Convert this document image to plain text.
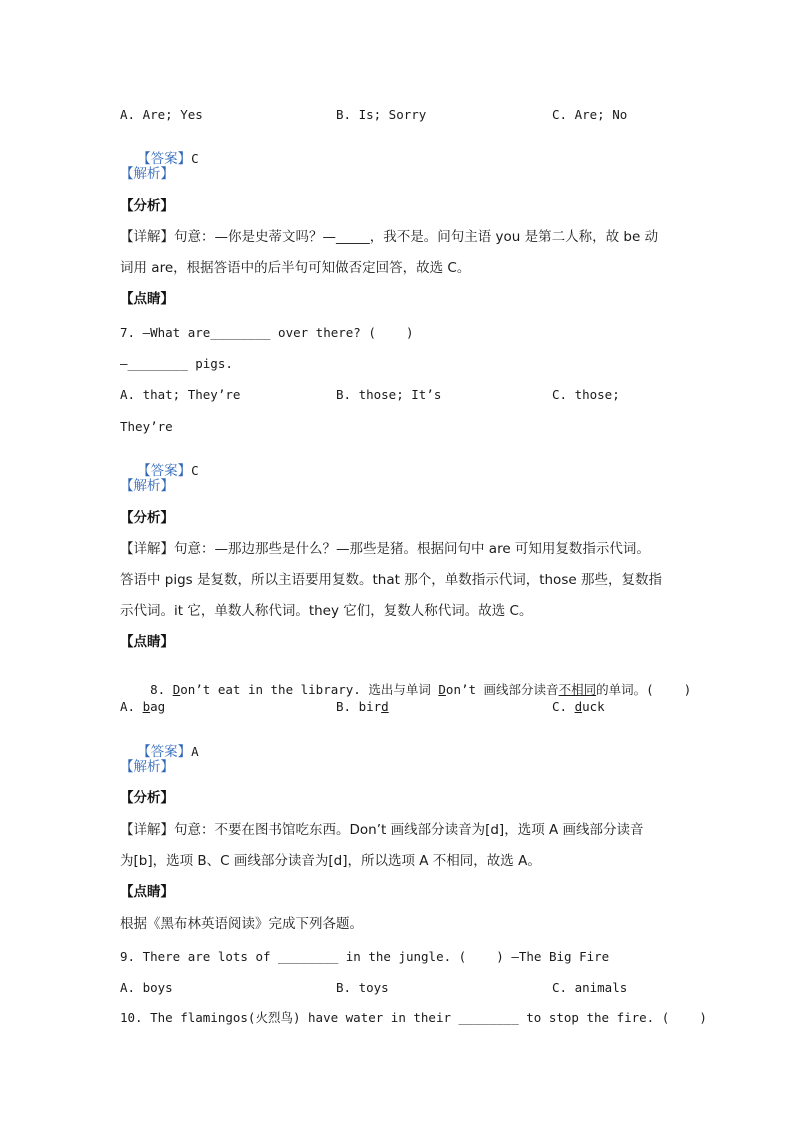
A. Are; Yes	B. Is; Sorry	C. Are; No

【答案】C

【解析】
【分析】
【详解】句意：—你是史蒂文吗？—_____，我不是。问句主语 you 是第二人称，故 be 动
词用 are，根据答语中的后半句可知做否定回答，故选 C。
【点睛】
7. —What are________ over there? (    )
—________ pigs.
A. that; They’re	B. those; It’s	C. those;
They’re

【答案】C

【解析】
【分析】
【详解】句意：—那边那些是什么？—那些是猪。根据问句中 are 可知用复数指示代词。
答语中 pigs 是复数，所以主语要用复数。that 那个，单数指示代词，those 那些，复数指
示代词。it 它，单数人称代词。they 它们，复数人称代词。故选 C。
【点睛】

8. Don’t eat in the library. 选出与单词 Don’t 画线部分读音不相同的单词。(    )

A. bag	B. bird	C. duck

【答案】A

【解析】
【分析】
【详解】句意：不要在图书馆吃东西。Don’t 画线部分读音为[d]，选项 A 画线部分读音
为[b]，选项 B、C 画线部分读音为[d]，所以选项 A 不相同，故选 A。
【点睛】
根据《黑布林英语阅读》完成下列各题。
9. There are lots of ________ in the jungle. (    ) —The Big Fire
A. boys	B. toys	C. animals
10. The flamingos(火烈鸟) have water in their ________ to stop the fire. (    )
